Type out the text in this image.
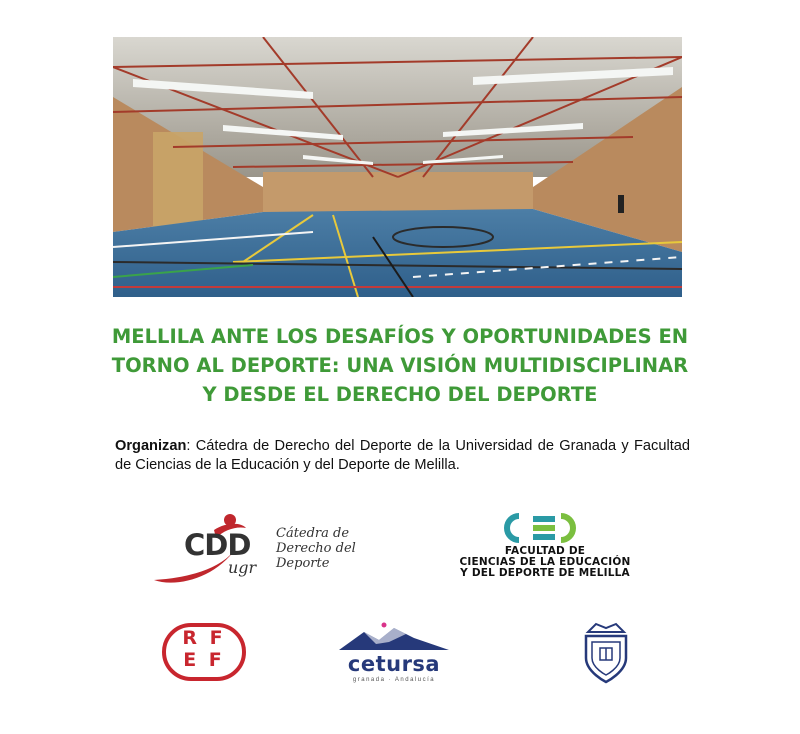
MELLILA ANTE LOS DESAFÍOS Y OPORTUNIDADES EN
TORNO AL DEPORTE: UNA VISIÓN MULTIDISCIPLINAR
Y DESDE EL DERECHO DEL DEPORTE
Organizan: Cátedra de Derecho del Deporte de la Universidad de Granada y Facultad de Ciencias de la Educación y del Deporte de Melilla.
CDD
ugr
Cátedra de
Derecho del
Deporte
FACULTAD DE
CIENCIAS DE LA EDUCACIÓN
Y DEL DEPORTE DE MELILLA
R F
E F	cetursa
granada · Andalucía
